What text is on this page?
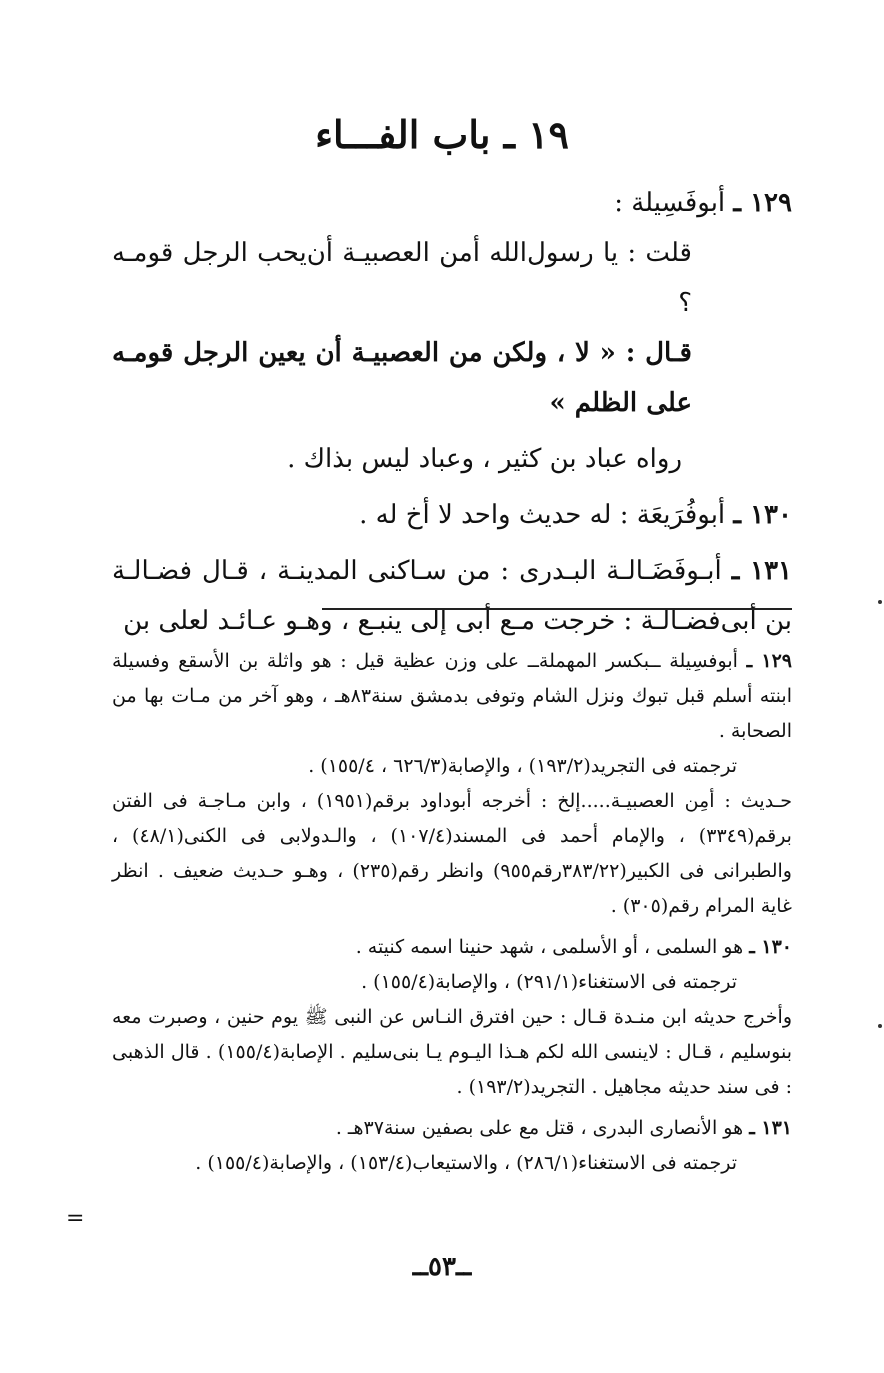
١٩ ـ باب الفـــاء

١٢٩ ـ أبوفَسِيلة :

قلت : يا رسول‌الله أمن العصبيـة أن‌يحب الرجل قومـه ؟

قـال : « لا ، ولكن من العصبيـة أن يعين الرجل قومـه على الظلم »

رواه عباد بن كثير ، وعباد ليس بذاك .

١٣٠ ـ أبوفُرَيعَة : له حديث واحد لا أخ له .

١٣١ ـ أبـوفَضَـالـة البـدرى : من سـاكنى المدينـة ، قـال فضـالـة بن أبى‌فضـالـة : خرجت مـع أبى إلى ينبـع ، وهـو عـائـد لعلى بن

١٢٩ ـ أبوفسِيلة ــبكسر المهملةــ على وزن عظية قيل : هو واثلة بن الأسقع وفسيلة ابنته أسلم قبل تبوك ونزل الشام وتوفى بدمشق سنة٨٣هـ ، وهو آخر من مـات بها من الصحابة .

ترجمته فى التجريد(١٩٣/٢) ، والإصابة(٦٢٦/٣ ، ١٥٥/٤) .

حـديث : أمِن العصبيـة.....إلخ : أخرجه أبوداود برقم(١٩٥١) ، وابن مـاجـة فى الفتن برقم(٣٣٤٩) ، والإمام أحمد فى المسند(١٠٧/٤) ، والـدولابى فى الكنى(٤٨/١) ، والطبرانى فى الكبير(٣٨٣/٢٢رقم٩٥٥) وانظر رقم(٢٣٥) ، وهـو حـديث ضعيف . انظر غاية المرام رقم(٣٠٥) .

١٣٠ ـ هو السلمى ، أو الأسلمى ، شهد حنينا اسمه كنيته .

ترجمته فى الاستغناء(٢٩١/١) ، والإصابة(١٥٥/٤) .

وأخرج حديثه ابن منـدة قـال : حين افترق النـاس عن النبى ﷺ يوم حنين ، وصبرت معه بنوسليم ، قـال : لاينسى الله لكم هـذا اليـوم يـا بنى‌سليم . الإصابة(١٥٥/٤) . قال الذهبى : فى سند حديثه مجاهيل . التجريد(١٩٣/٢) .

١٣١ ـ هو الأنصارى البدرى ، قتل مع على بصفين سنة٣٧هـ .

ترجمته فى الاستغناء(٢٨٦/١) ، والاستيعاب(١٥٣/٤) ، والإصابة(١٥٥/٤) .

=
ــ٥٣ــ
